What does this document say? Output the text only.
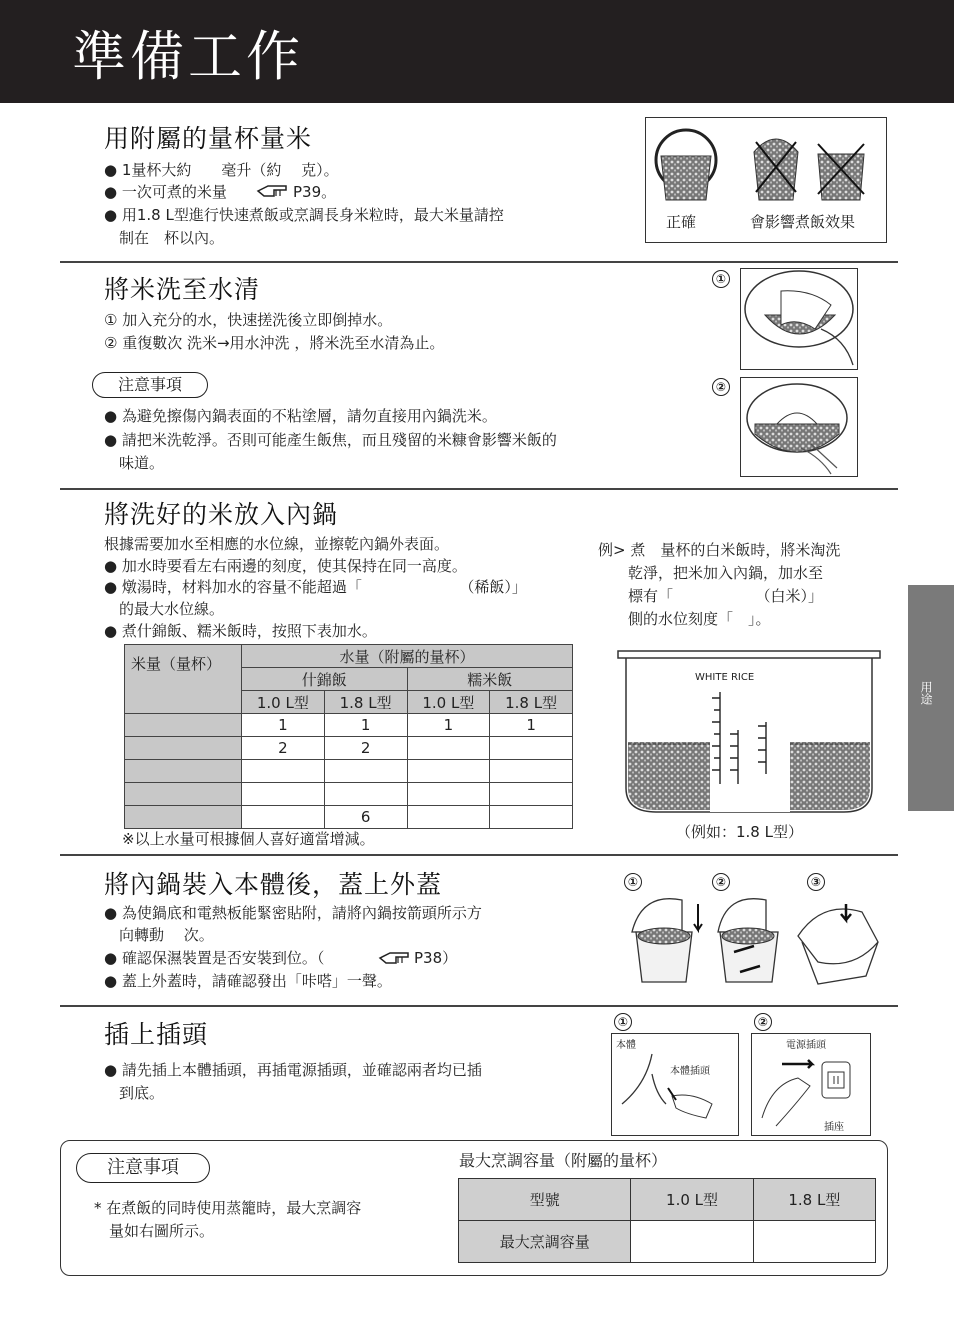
準備工作
用途
用附屬的量杯量米
● 1量杯大約　　毫升（約　 克）。
● 一次可煮的米量	P39。
● 用1.8 L型進行快速煮飯或烹調長身米粒時，最大米量請控
　制在　杯以內。
正確	會影響煮飯效果
將米洗至水清
① 加入充分的水，快速搓洗後立即倒掉水。
② 重復數次 洗米→用水沖洗 ，將米洗至水清為止。
注意事項
● 為避免擦傷內鍋表面的不粘塗層，請勿直接用內鍋洗米。
● 請把米洗乾淨。否則可能產生飯焦，而且殘留的米糠會影響米飯的
　味道。
①
②
將洗好的米放入內鍋
根據需要加水至相應的水位線，並擦乾內鍋外表面。
● 加水時要看左右兩邊的刻度，使其保持在同一高度。
● 燉湯時，材料加水的容量不能超過「　　　　　　　（稀飯）」
　的最大水位線。
● 煮什錦飯、糯米飯時，按照下表加水。
例> 煮　量杯的白米飯時，將米淘洗
　　乾淨，把米加入內鍋，加水至
　　標有「　　　　　　（白米）」
　　側的水位刻度「　」。
WHITE RICE
（例如：1.8 L型）
米量（量杯）	水量（附屬的量杯）			
	什錦飯		糯米飯	
	1.0 L型	1.8 L型	1.0 L型	1.8 L型
	1	1	1	1
	2	2		

		6		
※以上水量可根據個人喜好適當增減。
將內鍋裝入本體後，蓋上外蓋
● 為使鍋底和電熱板能緊密貼附，請將內鍋按箭頭所示方
　向轉動　 次。
● 確認保濕裝置是否安裝到位。（	P38）
● 蓋上外蓋時，請確認發出「咔嗒」一聲。
①	②	③
插上插頭
● 請先插上本體插頭，再插電源插頭，並確認兩者均已插
　到底。
①	②
本體
本體插頭
電源插頭
插座
注意事項
* 在煮飯的同時使用蒸籠時，最大烹調容
　量如右圖所示。
最大烹調容量（附屬的量杯）
型號	1.0 L型	1.8 L型
最大烹調容量		
